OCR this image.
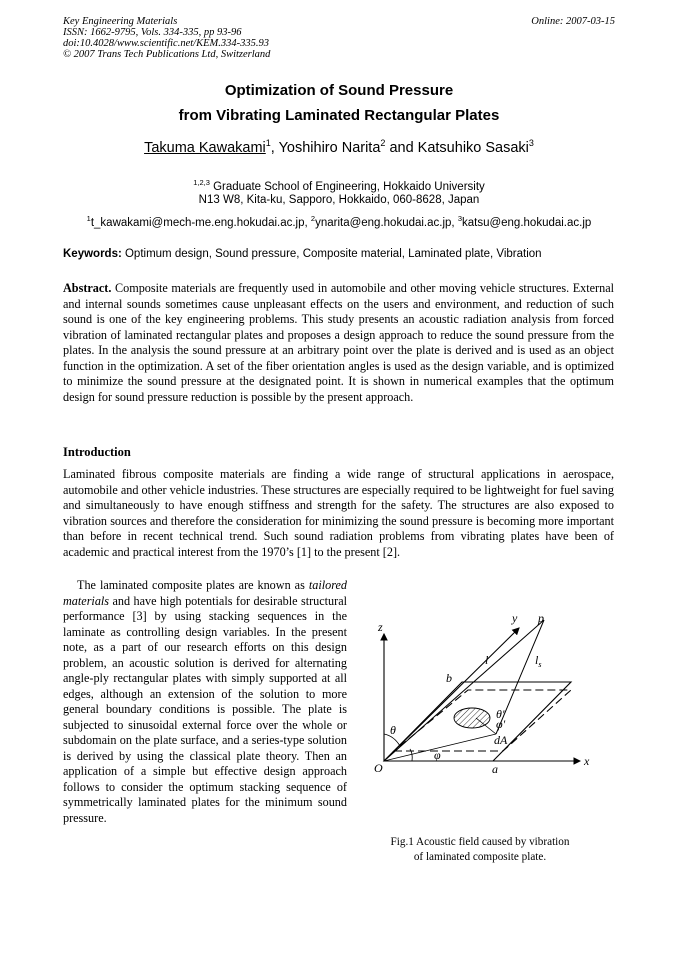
Key Engineering Materials
ISSN: 1662-9795, Vols. 334-335, pp 93-96
doi:10.4028/www.scientific.net/KEM.334-335.93
© 2007 Trans Tech Publications Ltd, Switzerland
Online: 2007-03-15
Optimization of Sound Pressure
from Vibrating Laminated Rectangular Plates
Takuma Kawakami$^1$, Yoshihiro Narita$^2$ and Katsuhiko Sasaki$^3$
$^{1,2,3}$ Graduate School of Engineering, Hokkaido University
N13 W8, Kita-ku, Sapporo, Hokkaido, 060-8628, Japan
$^1$t_kawakami@mech-me.eng.hokudai.ac.jp, $^2$ynarita@eng.hokudai.ac.jp, $^3$katsu@eng.hokudai.ac.jp
Keywords: Optimum design, Sound pressure, Composite material, Laminated plate, Vibration

Abstract. Composite materials are frequently used in automobile and other moving vehicle structures. External and internal sounds sometimes cause unpleasant effects on the users and environment, and reduction of such sound is one of the key engineering problems. This study presents an acoustic radiation analysis from forced vibration of laminated rectangular plates and proposes a design approach to reduce the sound pressure from the plates. In the analysis the sound pressure at an arbitrary point over the plate is derived and is used as an object function in the optimization. A set of the fiber orientation angles is used as the design variable, and is optimized to minimize the sound pressure at the designated point. It is shown in numerical examples that the optimum design for sound pressure reduction is possible by the present approach.

Introduction

Laminated fibrous composite materials are finding a wide range of structural applications in aerospace, automobile and other vehicle industries. These structures are especially required to be lightweight for fuel saving and simultaneously to have enough stiffness and strength for the safety. The structures are also exposed to vibration sources and therefore the consideration for minimizing the sound pressure is becoming more important than before in recent technical trend. Such sound radiation problems from vibrating plates have been of academic and practical interest from the 1970’s [1] to the present [2].

The laminated composite plates are known as tailored materials and have high potentials for desirable structural performance [3] by using stacking sequences in the laminate as controlling design variables. In the present note, as a part of our research efforts on this design problem, an acoustic solution is derived for alternating angle-ply rectangular plates with simply supported at all edges, although an extension of the solution to more general boundary conditions is possible. The plate is subjected to sinusoidal external force over the whole or subdomain on the plate surface, and a series-type solution is derived by using the classical plate theory. Then an application of a simple but effective design approach follows to consider the optimum stacking sequence of symmetrically laminated plates for the minimum sound pressure.

z
y p
l	$l_s$
b
θ
φ
O	a
x
dA
θ'
φ'
Fig.1 Acoustic field caused by vibration
of laminated composite plate.
